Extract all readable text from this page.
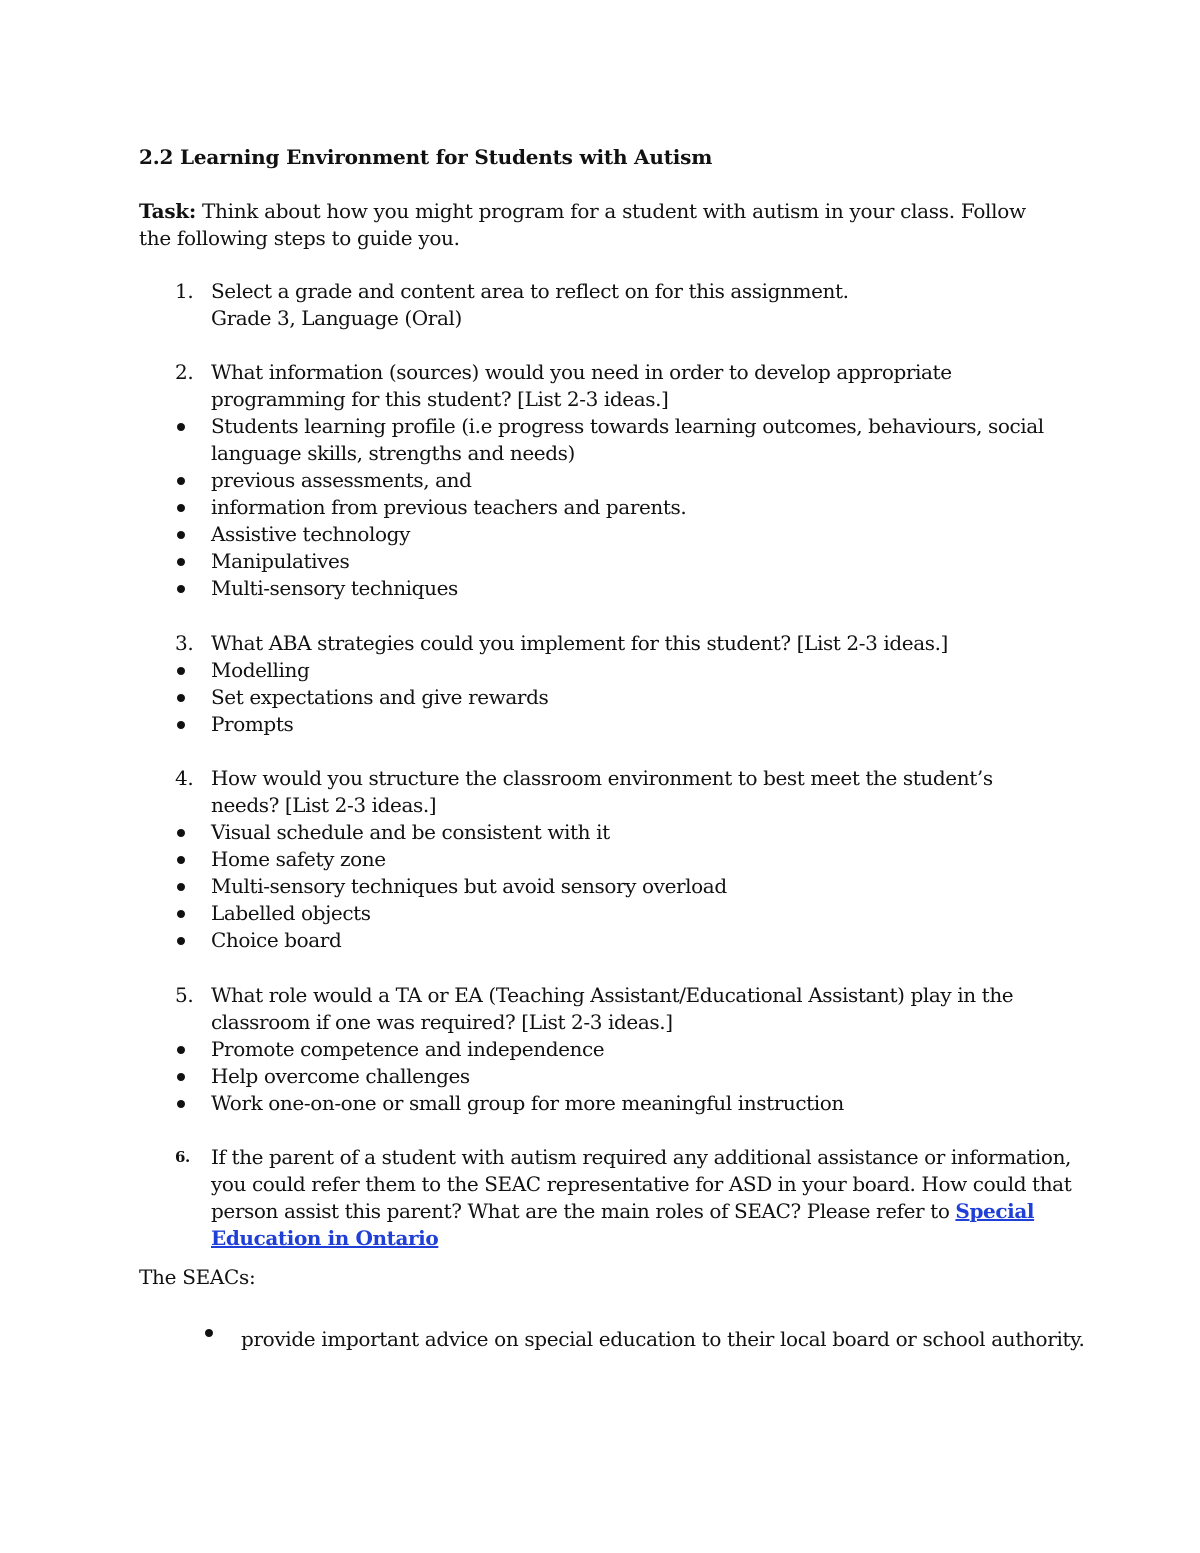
2.2 Learning Environment for Students with Autism
Task: Think about how you might program for a student with autism in your class. Follow the following steps to guide you.
1. Select a grade and content area to reflect on for this assignment.
Grade 3, Language (Oral)
2. What information (sources) would you need in order to develop appropriate
programming for this student? [List 2-3 ideas.]
Students learning profile (i.e progress towards learning outcomes, behaviours, social
language skills, strengths and needs)
previous assessments, and
information from previous teachers and parents.
Assistive technology
Manipulatives
Multi-sensory techniques
3. What ABA strategies could you implement for this student? [List 2-3 ideas.]
Modelling
Set expectations and give rewards
Prompts
4. How would you structure the classroom environment to best meet the student’s
needs? [List 2-3 ideas.]
Visual schedule and be consistent with it
Home safety zone
Multi-sensory techniques but avoid sensory overload
Labelled objects
Choice board
5. What role would a TA or EA (Teaching Assistant/Educational Assistant) play in the
classroom if one was required? [List 2-3 ideas.]
Promote competence and independence
Help overcome challenges
Work one-on-one or small group for more meaningful instruction
6. If the parent of a student with autism required any additional assistance or information,
you could refer them to the SEAC representative for ASD in your board. How could that
person assist this parent? What are the main roles of SEAC? Please refer to Special
Education in Ontario
The SEACs:
provide important advice on special education to their local board or school authority.
